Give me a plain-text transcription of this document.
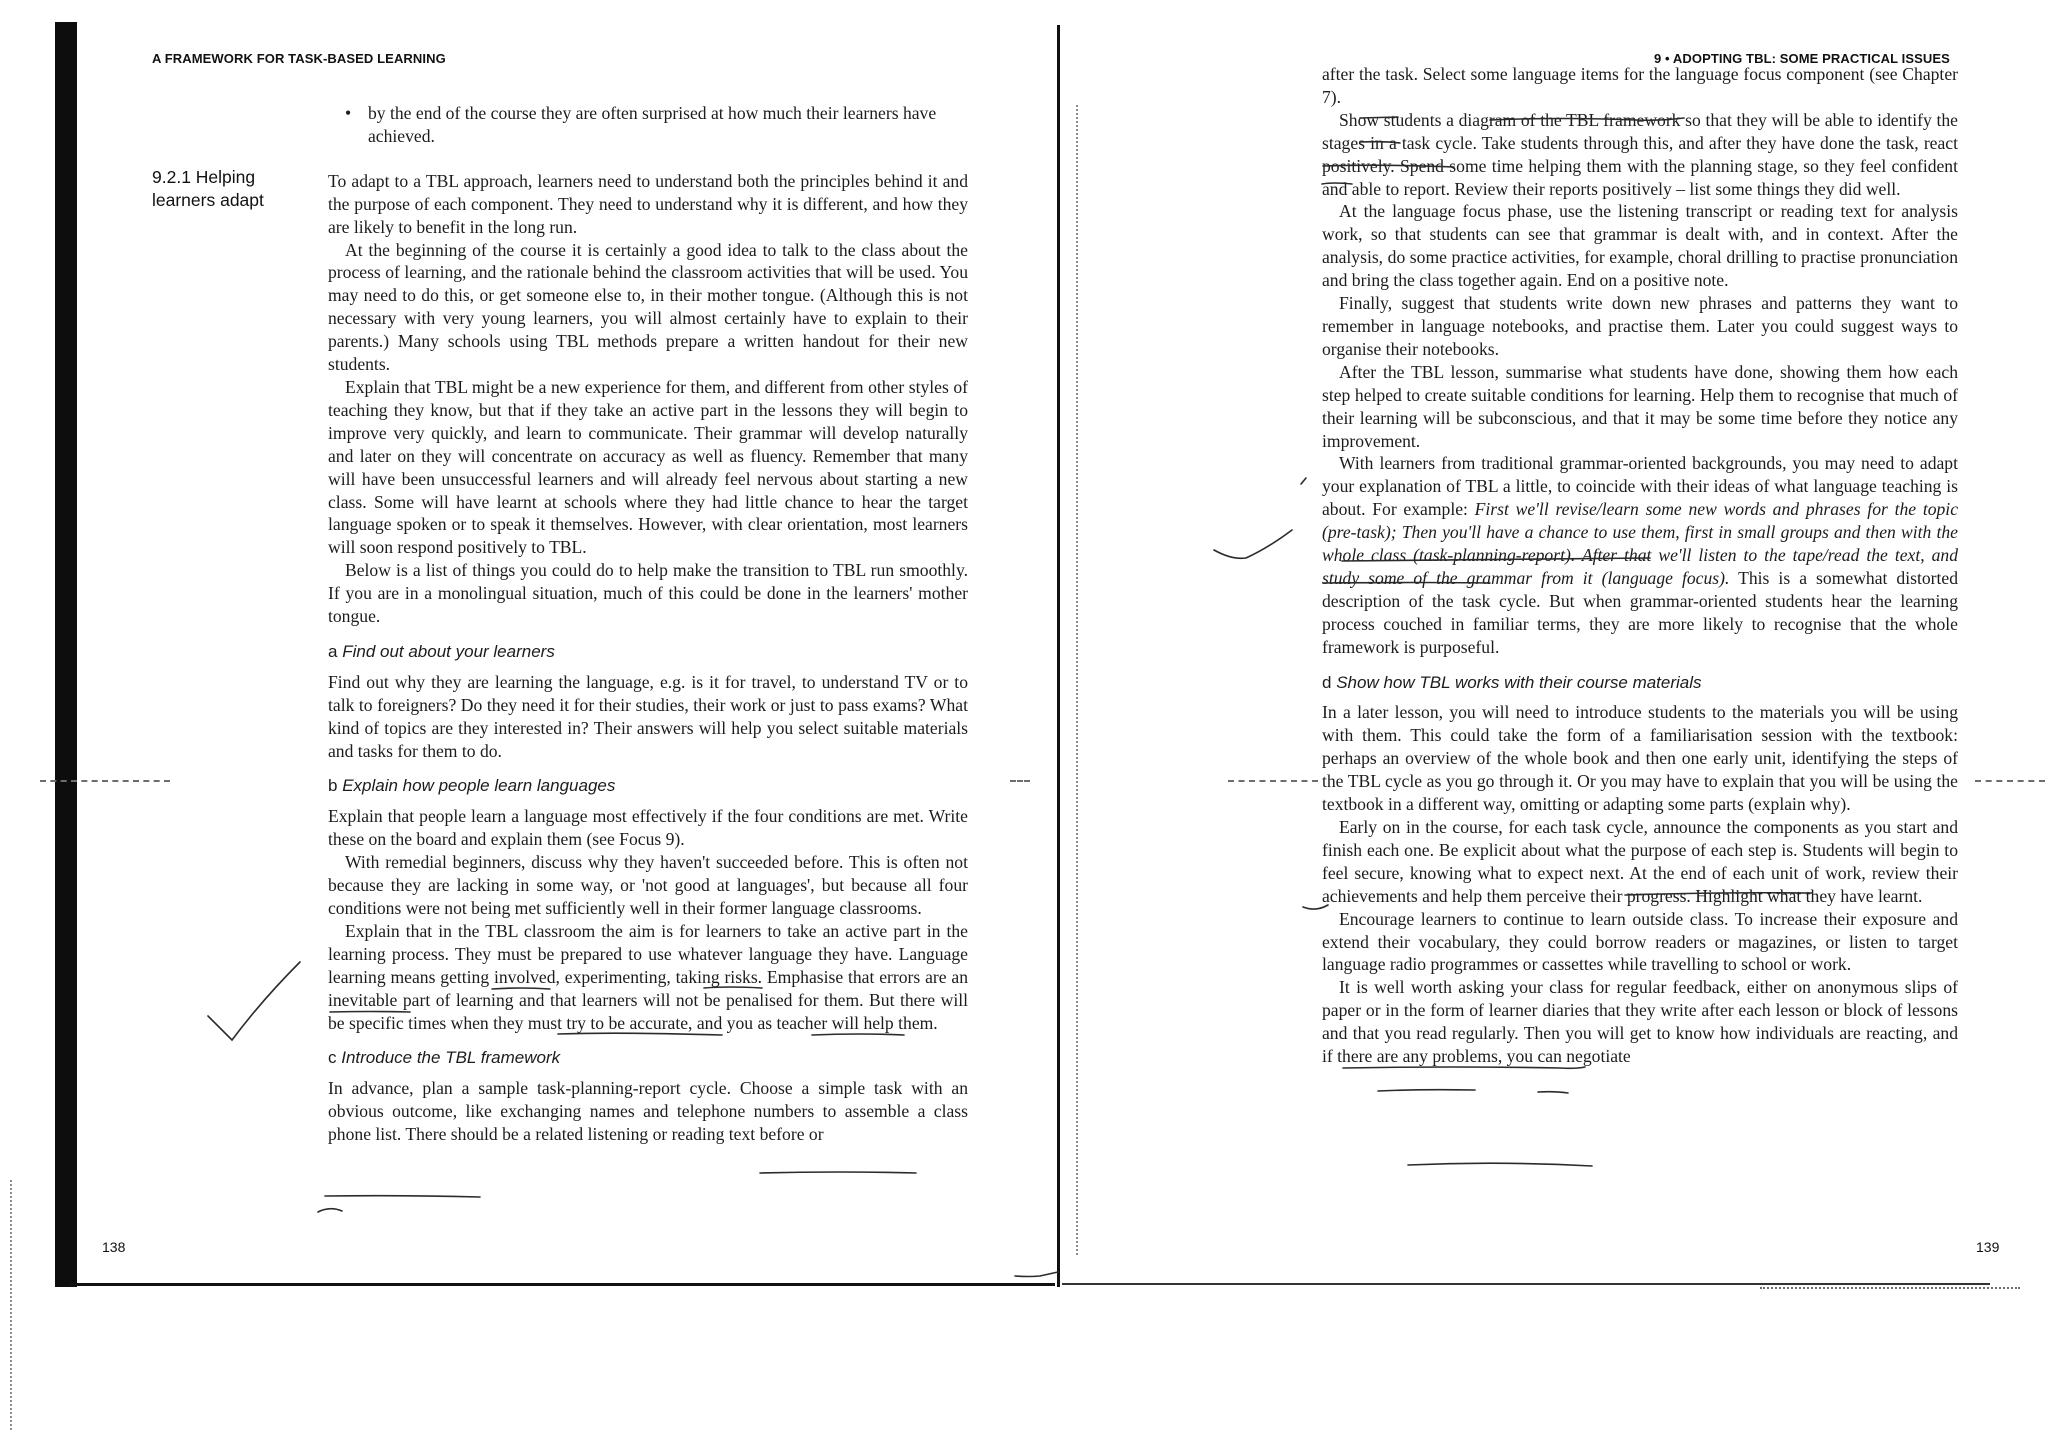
A FRAMEWORK FOR TASK-BASED LEARNING	9 • ADOPTING TBL: SOME PRACTICAL ISSUES
9.2.1 Helping learners adapt
• by the end of the course they are often surprised at how much their learners have achieved.

To adapt to a TBL approach, learners need to understand both the principles behind it and the purpose of each component. They need to understand why it is different, and how they are likely to benefit in the long run.

At the beginning of the course it is certainly a good idea to talk to the class about the process of learning, and the rationale behind the classroom activities that will be used. You may need to do this, or get someone else to, in their mother tongue. (Although this is not necessary with very young learners, you will almost certainly have to explain to their parents.) Many schools using TBL methods prepare a written handout for their new students.

Explain that TBL might be a new experience for them, and different from other styles of teaching they know, but that if they take an active part in the lessons they will begin to improve very quickly, and learn to communicate. Their grammar will develop naturally and later on they will concentrate on accuracy as well as fluency. Remember that many will have been unsuccessful learners and will already feel nervous about starting a new class. Some will have learnt at schools where they had little chance to hear the target language spoken or to speak it themselves. However, with clear orientation, most learners will soon respond positively to TBL.

Below is a list of things you could do to help make the transition to TBL run smoothly. If you are in a monolingual situation, much of this could be done in the learners' mother tongue.

a Find out about your learners

Find out why they are learning the language, e.g. is it for travel, to understand TV or to talk to foreigners? Do they need it for their studies, their work or just to pass exams? What kind of topics are they interested in? Their answers will help you select suitable materials and tasks for them to do.

b Explain how people learn languages

Explain that people learn a language most effectively if the four conditions are met. Write these on the board and explain them (see Focus 9).

With remedial beginners, discuss why they haven't succeeded before. This is often not because they are lacking in some way, or 'not good at languages', but because all four conditions were not being met sufficiently well in their former language classrooms.

Explain that in the TBL classroom the aim is for learners to take an active part in the learning process. They must be prepared to use whatever language they have. Language learning means getting involved, experimenting, taking risks. Emphasise that errors are an inevitable part of learning and that learners will not be penalised for them. But there will be specific times when they must try to be accurate, and you as teacher will help them.

c Introduce the TBL framework

In advance, plan a sample task-planning-report cycle. Choose a simple task with an obvious outcome, like exchanging names and telephone numbers to assemble a class phone list. There should be a related listening or reading text before or

after the task. Select some language items for the language focus component (see Chapter 7).

Show students a diagram of the TBL framework so that they will be able to identify the stages in a task cycle. Take students through this, and after they have done the task, react positively. Spend some time helping them with the planning stage, so they feel confident and able to report. Review their reports positively – list some things they did well.

At the language focus phase, use the listening transcript or reading text for analysis work, so that students can see that grammar is dealt with, and in context. After the analysis, do some practice activities, for example, choral drilling to practise pronunciation and bring the class together again. End on a positive note.

Finally, suggest that students write down new phrases and patterns they want to remember in language notebooks, and practise them. Later you could suggest ways to organise their notebooks.

After the TBL lesson, summarise what students have done, showing them how each step helped to create suitable conditions for learning. Help them to recognise that much of their learning will be subconscious, and that it may be some time before they notice any improvement.

With learners from traditional grammar-oriented backgrounds, you may need to adapt your explanation of TBL a little, to coincide with their ideas of what language teaching is about. For example: First we'll revise/learn some new words and phrases for the topic (pre-task); Then you'll have a chance to use them, first in small groups and then with the whole class (task-planning-report). After that we'll listen to the tape/read the text, and study some of the grammar from it (language focus). This is a somewhat distorted description of the task cycle. But when grammar-oriented students hear the learning process couched in familiar terms, they are more likely to recognise that the whole framework is purposeful.

d Show how TBL works with their course materials

In a later lesson, you will need to introduce students to the materials you will be using with them. This could take the form of a familiarisation session with the textbook: perhaps an overview of the whole book and then one early unit, identifying the steps of the TBL cycle as you go through it. Or you may have to explain that you will be using the textbook in a different way, omitting or adapting some parts (explain why).

Early on in the course, for each task cycle, announce the components as you start and finish each one. Be explicit about what the purpose of each step is. Students will begin to feel secure, knowing what to expect next. At the end of each unit of work, review their achievements and help them perceive their progress. Highlight what they have learnt.

Encourage learners to continue to learn outside class. To increase their exposure and extend their vocabulary, they could borrow readers or magazines, or listen to target language radio programmes or cassettes while travelling to school or work.

It is well worth asking your class for regular feedback, either on anonymous slips of paper or in the form of learner diaries that they write after each lesson or block of lessons and that you read regularly. Then you will get to know how individuals are reacting, and if there are any problems, you can negotiate

138	139
